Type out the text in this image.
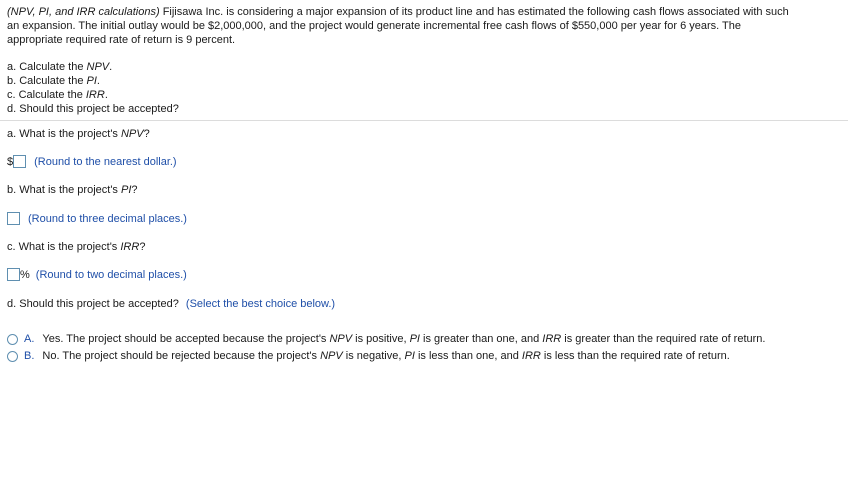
(NPV, PI, and IRR calculations) Fijisawa Inc. is considering a major expansion of its product line and has estimated the following cash flows associated with such
an expansion. The initial outlay would be $2,000,000, and the project would generate incremental free cash flows of $550,000 per year for 6 years. The
appropriate required rate of return is 9 percent.
a. Calculate the NPV.
b. Calculate the PI.
c. Calculate the IRR.
d. Should this project be accepted?
a. What is the project's NPV?
$ (Round to the nearest dollar.)
b. What is the project's PI?
(Round to three decimal places.)
c. What is the project's IRR?
% (Round to two decimal places.)
d. Should this project be accepted? (Select the best choice below.)
A. Yes. The project should be accepted because the project's NPV is positive, PI is greater than one, and IRR is greater than the required rate of return.
B. No. The project should be rejected because the project's NPV is negative, PI is less than one, and IRR is less than the required rate of return.
